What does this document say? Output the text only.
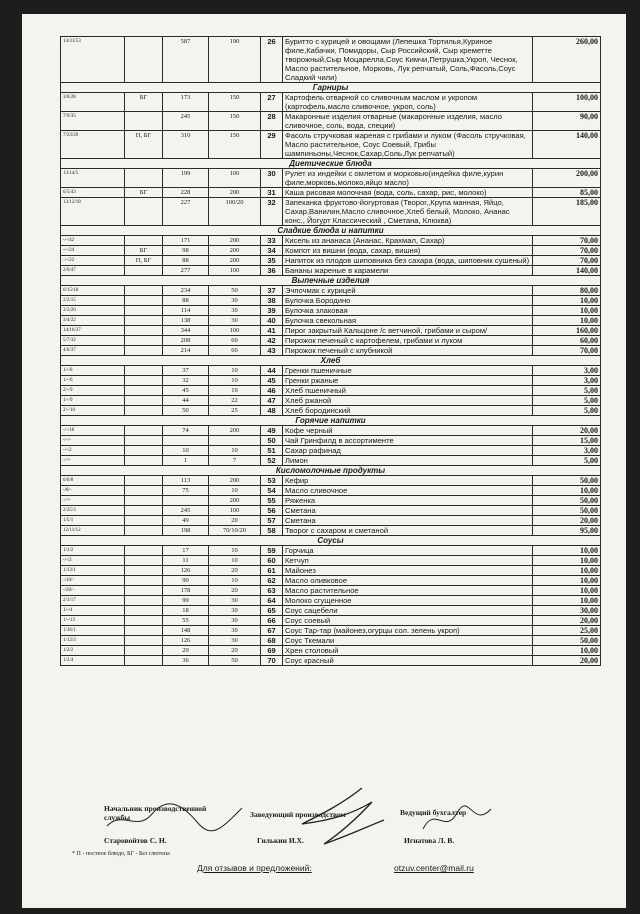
14/31/53		587	190	26	Буритто с курицей и овощами (Лепешка Тортилья,Куриное филе,Кабачки, Помидоры, Сыр Российский, Сыр креметте творожный,Сыр Моцарелла,Соус Кимчи,Петрушка,Укроп, Чеснок, Масло растительное, Морковь, Лук репчатый, Соль,Фасоль,Соус Сладкий чили)	260,00
Гарниры						
3/6/28	БГ	173	150	27	Картофель отварной со сливочным маслом и укропом (картофель,масло сливочное, укроп, соль)	100,00
7/9/35		245	150	28	Макаронные изделия отварные (макаронные изделия, масло сливочное, соль, вода, специи)	90,00
7/23/20	П, БГ	310	150	29	Фасоль стручковая жареная с грибами и луком (Фасоль стручковая, Масло растительное, Соус Соевый, Грибы шампиньоны,Чеснок,Сахар,Соль,Лук репчатый)	140,00
Диетические блюда						
13/14/5		199	100	30	Рулет из индейки с омлетом и морковью(индейка филе,курин филе,морковь,молоко,яйцо масло)	200,00
6/5/43	БГ	228	200	31	Каша рисовая молочная (вода, соль, сахар, рис, молоко)	85,00
13/12/18		227	100/20	32	Запеканка фруктово-йогуртовая (Творог,,Крупа манная, Яйцо, Сахар,Ванилин,Масло сливочное,Хлеб белый, Молоко, Ананас конс., Йогурт Классический , Сметана, Клюква)	185,00
Сладкие блюда и напитки						
-/-/42		171	200	33	Кисель из ананаса (Ананас, Крахмал, Сахар)	70,00
-/-/24	БГ	98	200	34	Компот из вишни (вода, сахар, вишня)	70,00
-/-/22	П, БГ	88	200	35	Напиток из плодов шиповника без сахара (вода, шиповник сушеный)	70,00
2/9/47		277	100	36	Бананы жареные в карамели	140,00
Выпечные изделия						
6/15/18		234	50	37	Эчпочмак с курицей	80,00
2/2/15		88	30	38	Булочка Бородино	10,00
3/3/20		114	30	39	Булочка злаковая	10,00
3/4/22		138	30	40	Булочка свекольная	10,00
14/16/37		344	100	41	Пирог закрытый Кальцоне /с ветчиной, грибами и сыром/	160,00
5/7/32		208	60	42	Пирожок печеный с картофелем, грибами и луком	60,00
4/6/37		214	60	43	Пирожок печеный с клубникой	70,00
Хлеб						
1/-/8		37	10	44	Гренки пшеничные	3,00
1/-/6		32	10	45	Гренки ржаные	3,00
2/-/9		45	19	46	Хлеб пшеничный	5,00
1/-/9		44	22	47	Хлеб ржаной	5,00
2/-/10		50	25	48	Хлеб бородинский	5,00
Горячие напитки						
-/-/18		74	200	49	Кофе черный	20,00
-/-/-				50	Чай Гринфилд в ассортименте	15,00
-/-/2		10	10	51	Сахар рафинад	3,00
-/-/-		1	7	52	Лимон	5,00
Кисломолочные продукты						
6/6/8		113	200	53	Кефир	50,00
-/8/-		75	10	54	Масло сливочное	10,00
-/-/-			200	55	Ряженка	50,00
2/25/3		245	100	56	Сметана	50,00
1/5/1		49	20	57	Сметана	20,00
12/11/12		198	70/10/20	58	Творог с сахаром и сметаной	95,00
Соусы						
1/1/2		17	10	59	Горчица	10,00
-/-/2		11	10	60	Кетчуп	10,00
1/13/1		126	20	61	Майонез	10,00
-/10/-		90	10	62	Масло оливковое	10,00
-/20/-		178	20	63	Масло растительное	10,00
2/3/17		99	30	64	Молоко сгущенное	10,00
1/-/4		18	30	65	Соус сацебели	30,00
1/-/13		55	30	66	Соус соевый	20,00
1/16/1		148	30	67	Соус Тар-тар (майонез,огурцы сол. зелень укроп)	25,00
1/12/3		126	30	68	Соус Ткемали	50,00
1/2/2		29	20	69	Хрен столовый	10,00
1/2/4		36	50	70	Соус красный	20,00
Начальник производственной службы	Заведующий производством	Ведущий бухгалтер
Старовойтов С. Н.	Гилькин И.Х.	Игнатова Л. В.
* П - постное блюдо, БГ - Без глютена
Для отзывов и предложений:	otzuv.center@mail.ru
